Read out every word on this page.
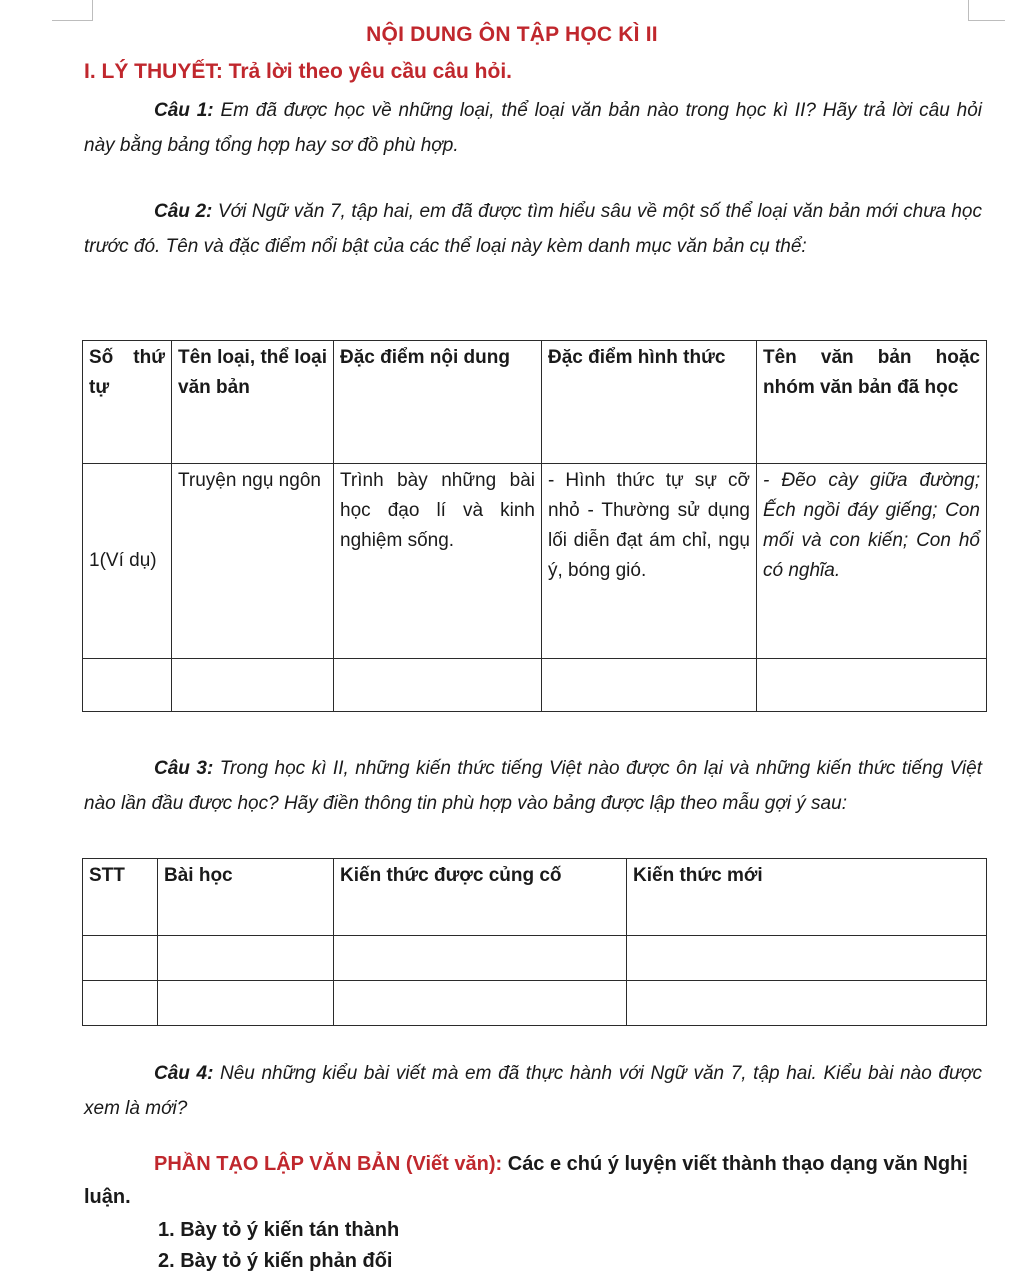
NỘI DUNG ÔN TẬP HỌC KÌ II
I. LÝ THUYẾT: Trả lời theo yêu cầu câu hỏi.
Câu 1: Em đã được học về những loại, thể loại văn bản nào trong học kì II? Hãy trả lời câu hỏi này bằng bảng tổng hợp hay sơ đồ phù hợp.
Câu 2: Với Ngữ văn 7, tập hai, em đã được tìm hiểu sâu về một số thể loại văn bản mới chưa học trước đó. Tên và đặc điểm nổi bật của các thể loại này kèm danh mục văn bản cụ thể:
Số thứ tự	Tên loại, thể loại văn bản	Đặc điểm nội dung	Đặc điểm hình thức	Tên văn bản hoặc nhóm văn bản đã học
1(Ví dụ)	Truyện ngụ ngôn	Trình bày những bài học đạo lí và kinh nghiệm sống.	- Hình thức tự sự cỡ nhỏ - Thường sử dụng lối diễn đạt ám chỉ, ngụ ý, bóng gió.	- Đẽo cày giữa đường; Ếch ngồi đáy giếng; Con mối và con kiến; Con hổ có nghĩa.

Câu 3: Trong học kì II, những kiến thức tiếng Việt nào được ôn lại và những kiến thức tiếng Việt nào lần đầu được học? Hãy điền thông tin phù hợp vào bảng được lập theo mẫu gợi ý sau:
STT	Bài học	Kiến thức được củng cố	Kiến thức mới

Câu 4: Nêu những kiểu bài viết mà em đã thực hành với Ngữ văn 7, tập hai. Kiểu bài nào được xem là mới?
PHẦN TẠO LẬP VĂN BẢN (Viết văn): Các e chú ý luyện viết thành thạo dạng văn Nghị luận.
1. Bày tỏ ý kiến tán thành
2. Bày tỏ ý kiến phản đối
